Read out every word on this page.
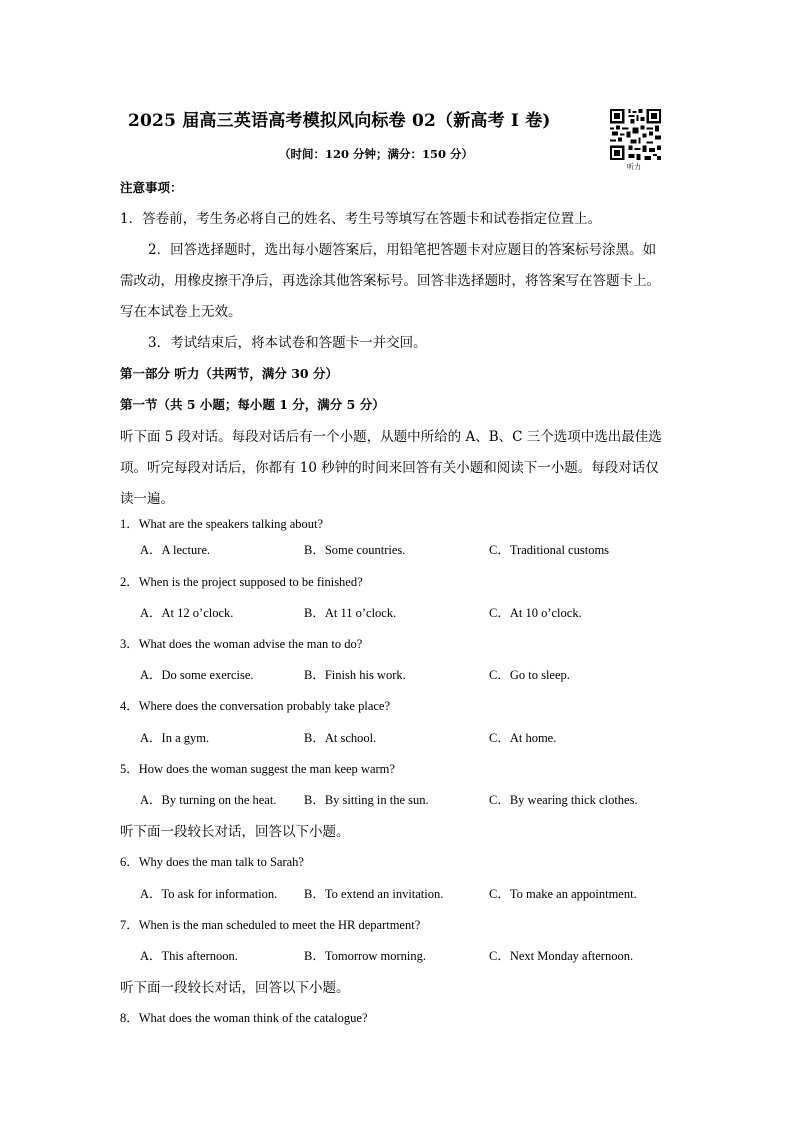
2025 届高三英语高考模拟风向标卷 02（新高考 I 卷)
（时间：120 分钟；满分：150 分）
听力
注意事项：
1．答卷前，考生务必将自己的姓名、考生号等填写在答题卡和试卷指定位置上。
2．回答选择题时，选出每小题答案后，用铅笔把答题卡对应题目的答案标号涂黑。如
需改动，用橡皮擦干净后，再选涂其他答案标号。回答非选择题时，将答案写在答题卡上。
写在本试卷上无效。
3．考试结束后，将本试卷和答题卡一并交回。
第一部分 听力（共两节，满分 30 分）
第一节（共 5 小题；每小题 1 分，满分 5 分）
听下面 5 段对话。每段对话后有一个小题，从题中所给的 A、B、C 三个选项中选出最佳选
项。听完每段对话后，你都有 10 秒钟的时间来回答有关小题和阅读下一小题。每段对话仅
读一遍。
1．What are the speakers talking about?
A．A lecture.	B．Some countries.	C．Traditional customs
2．When is the project supposed to be finished?
A．At 12 o’clock.	B．At 11 o’clock.	C．At 10 o’clock.
3．What does the woman advise the man to do?
A．Do some exercise.	B．Finish his work.	C．Go to sleep.
4．Where does the conversation probably take place?
A．In a gym.	B．At school.	C．At home.
5．How does the woman suggest the man keep warm?
A．By turning on the heat. B．By sitting in the sun.	C．By wearing thick clothes.
听下面一段较长对话，回答以下小题。
6．Why does the man talk to Sarah?
A．To ask for information. B．To extend an invitation.	C．To make an appointment.
7．When is the man scheduled to meet the HR department?
A．This afternoon.	B．Tomorrow morning.	C．Next Monday afternoon.
听下面一段较长对话，回答以下小题。
8．What does the woman think of the catalogue?
